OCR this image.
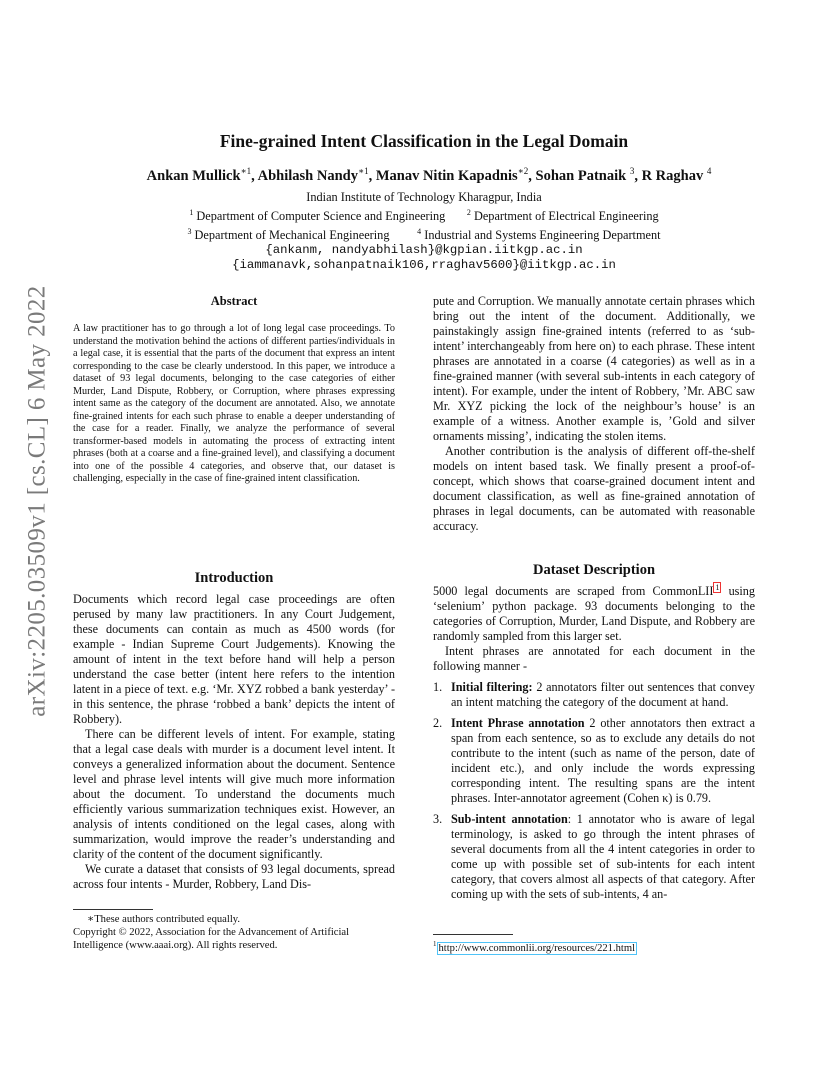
arXiv:2205.03509v1 [cs.CL] 6 May 2022
Fine-grained Intent Classification in the Legal Domain
Ankan Mullick$^{∗1}$, Abhilash Nandy$^{∗1}$, Manav Nitin Kapadnis$^{∗2}$, Sohan Patnaik $^3$, R Raghav $^4$
Indian Institute of Technology Kharagpur, India
$^1$ Department of Computer Science and Engineering	$^2$ Department of Electrical Engineering
$^3$ Department of Mechanical Engineering	$^4$ Industrial and Systems Engineering Department
{ankanm, nandyabhilash}@kgpian.iitkgp.ac.in
{iammanavk,sohanpatnaik106,rraghav5600}@iitkgp.ac.in
Abstract
A law practitioner has to go through a lot of long legal case proceedings. To understand the motivation behind the actions of different parties/individuals in a legal case, it is essential that the parts of the document that express an intent corresponding to the case be clearly understood. In this paper, we introduce a dataset of 93 legal documents, belonging to the case categories of either Murder, Land Dispute, Robbery, or Corruption, where phrases expressing intent same as the category of the document are annotated. Also, we annotate fine-grained intents for each such phrase to enable a deeper understanding of the case for a reader. Finally, we analyze the performance of several transformer-based models in automating the process of extracting intent phrases (both at a coarse and a fine-grained level), and classifying a document into one of the possible 4 categories, and observe that, our dataset is challenging, especially in the case of fine-grained intent classification.
Introduction

Documents which record legal case proceedings are often perused by many law practitioners. In any Court Judgement, these documents can contain as much as 4500 words (for example - Indian Supreme Court Judgements). Knowing the amount of intent in the text before hand will help a person understand the case better (intent here refers to the intention latent in a piece of text. e.g. ‘Mr. XYZ robbed a bank yesterday’ - in this sentence, the phrase ‘robbed a bank’ depicts the intent of Robbery).

There can be different levels of intent. For example, stating that a legal case deals with murder is a document level intent. It conveys a generalized information about the document. Sentence level and phrase level intents will give much more information about the document. To understand the documents much efficiently various summarization techniques exist. However, an analysis of intents conditioned on the legal cases, along with summarization, would improve the reader’s understanding and clarity of the content of the document significantly.

We curate a dataset that consists of 93 legal documents, spread across four intents - Murder, Robbery, Land Dis-

∗These authors contributed equally.
Copyright © 2022, Association for the Advancement of Artificial Intelligence (www.aaai.org). All rights reserved.

pute and Corruption. We manually annotate certain phrases which bring out the intent of the document. Additionally, we painstakingly assign fine-grained intents (referred to as ‘sub-intent’ interchangeably from here on) to each phrase. These intent phrases are annotated in a coarse (4 categories) as well as in a fine-grained manner (with several sub-intents in each category of intent). For example, under the intent of Robbery, ’Mr. ABC saw Mr. XYZ picking the lock of the neighbour’s house’ is an example of a witness. Another example is, ’Gold and silver ornaments missing’, indicating the stolen items.

Another contribution is the analysis of different off-the-shelf models on intent based task. We finally present a proof-of-concept, which shows that coarse-grained document intent and document classification, as well as fine-grained annotation of phrases in legal documents, can be automated with reasonable accuracy.

Dataset Description

5000 legal documents are scraped from CommonLII $^1$ using ‘selenium’ python package. 93 documents belonging to the categories of Corruption, Murder, Land Dispute, and Robbery are randomly sampled from this larger set.

Intent phrases are annotated for each document in the following manner -

1. Initial filtering: 2 annotators filter out sentences that convey an intent matching the category of the document at hand.
2. Intent Phrase annotation 2 other annotators then extract a span from each sentence, so as to exclude any details do not contribute to the intent (such as name of the person, date of incident etc.), and only include the words expressing corresponding intent. The resulting spans are the intent phrases. Inter-annotator agreement (Cohen κ) is 0.79.
3. Sub-intent annotation: 1 annotator who is aware of legal terminology, is asked to go through the intent phrases of several documents from all the 4 intent categories in order to come up with possible set of sub-intents for each intent category, that covers almost all aspects of that category. After coming up with the sets of sub-intents, 4 an-
$^1$ http://www.commonlii.org/resources/221.html
